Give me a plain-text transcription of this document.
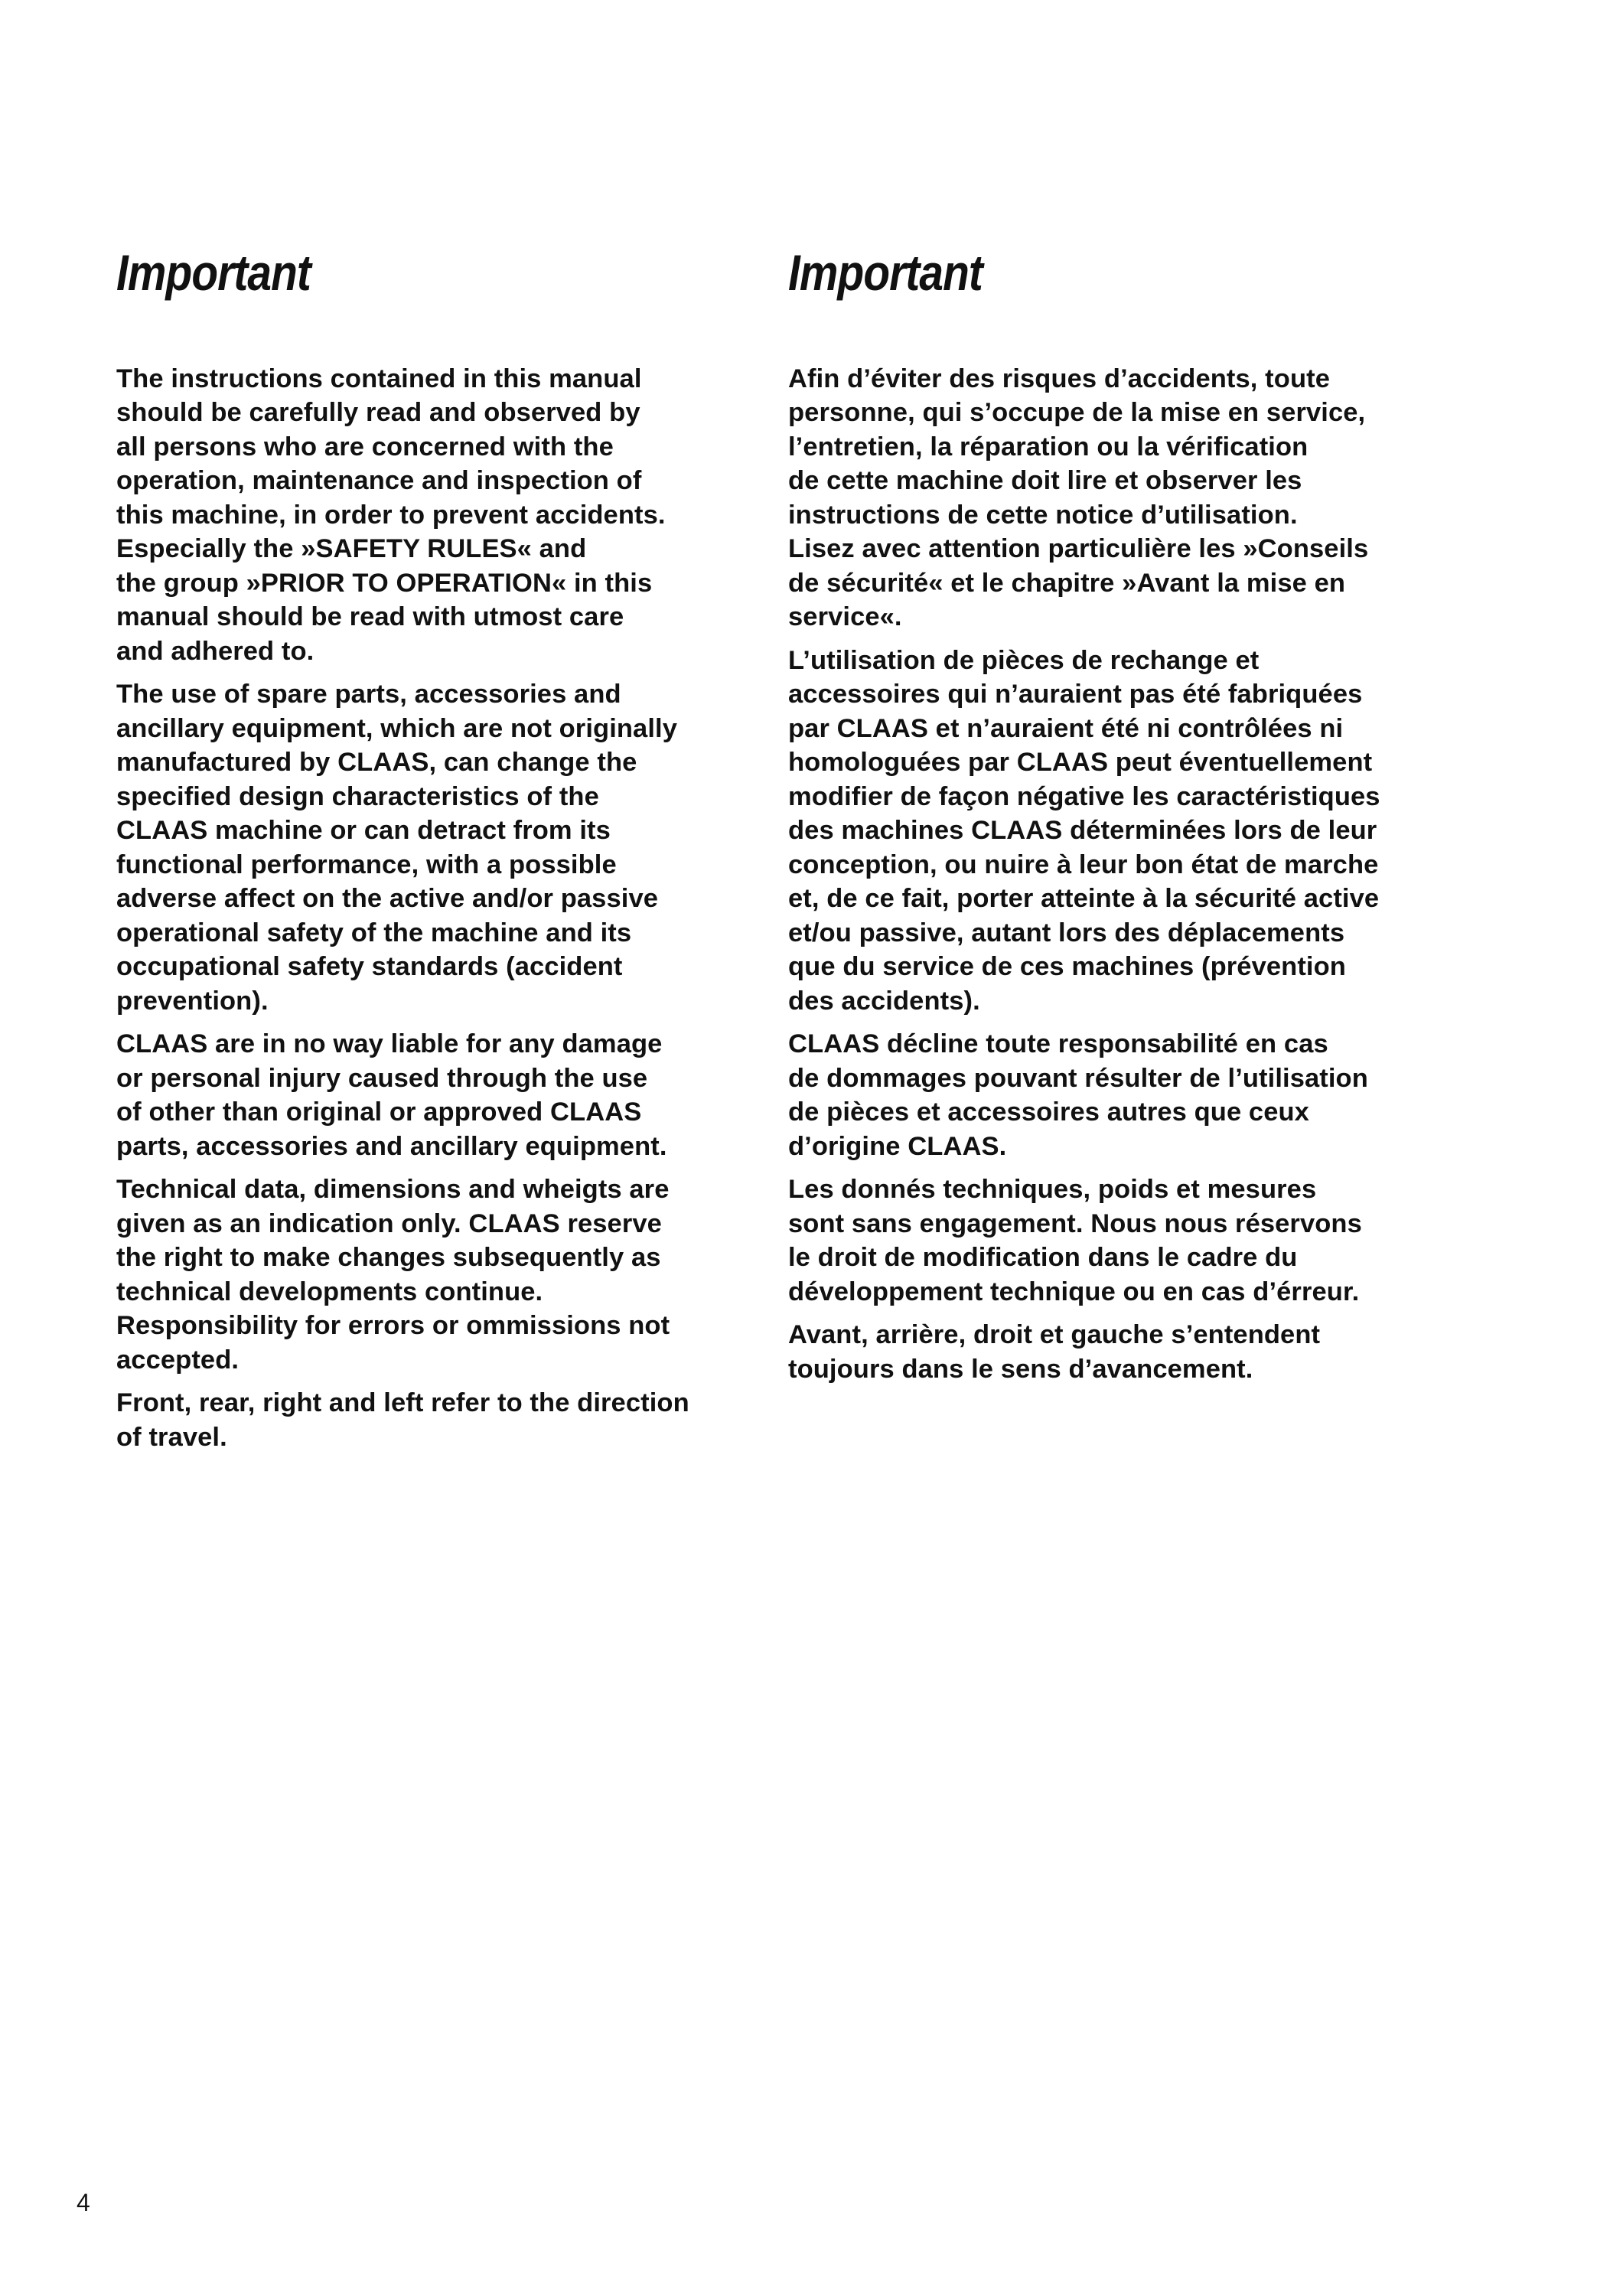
Important

The instructions contained in this manual
should be carefully read and observed by
all persons who are concerned with the
operation, maintenance and inspection of
this machine, in order to prevent accidents.
Especially the »SAFETY RULES« and
the group »PRIOR TO OPERATION« in this
manual should be read with utmost care
and adhered to.

The use of spare parts, accessories and
ancillary equipment, which are not originally
manufactured by CLAAS, can change the
specified design characteristics of the
CLAAS machine or can detract from its
functional performance, with a possible
adverse affect on the active and/or passive
operational safety of the machine and its
occupational safety standards (accident
prevention).

CLAAS are in no way liable for any damage
or personal injury caused through the use
of other than original or approved CLAAS
parts, accessories and ancillary equipment.

Technical data, dimensions and wheigts are
given as an indication only. CLAAS reserve
the right to make changes subsequently as
technical developments continue.
Responsibility for errors or ommissions not
accepted.

Front, rear, right and left refer to the direction
of travel.

Important

Afin d’éviter des risques d’accidents, toute
personne, qui s’occupe de la mise en service,
l’entretien, la réparation ou la vérification
de cette machine doit lire et observer les
instructions de cette notice d’utilisation.
Lisez avec attention particulière les »Conseils
de sécurité« et le chapitre »Avant la mise en
service«.

L’utilisation de pièces de rechange et
accessoires qui n’auraient pas été fabriquées
par CLAAS et n’auraient été ni contrôlées ni
homologuées par CLAAS peut éventuellement
modifier de façon négative les caractéristiques
des machines CLAAS déterminées lors de leur
conception, ou nuire à leur bon état de marche
et, de ce fait, porter atteinte à la sécurité active
et/ou passive, autant lors des déplacements
que du service de ces machines (prévention
des accidents).

CLAAS décline toute responsabilité en cas
de dommages pouvant résulter de l’utilisation
de pièces et accessoires autres que ceux
d’origine CLAAS.

Les donnés techniques, poids et mesures
sont sans engagement. Nous nous réservons
le droit de modification dans le cadre du
développement technique ou en cas d’érreur.

Avant, arrière, droit et gauche s’entendent
toujours dans le sens d’avancement.

4
